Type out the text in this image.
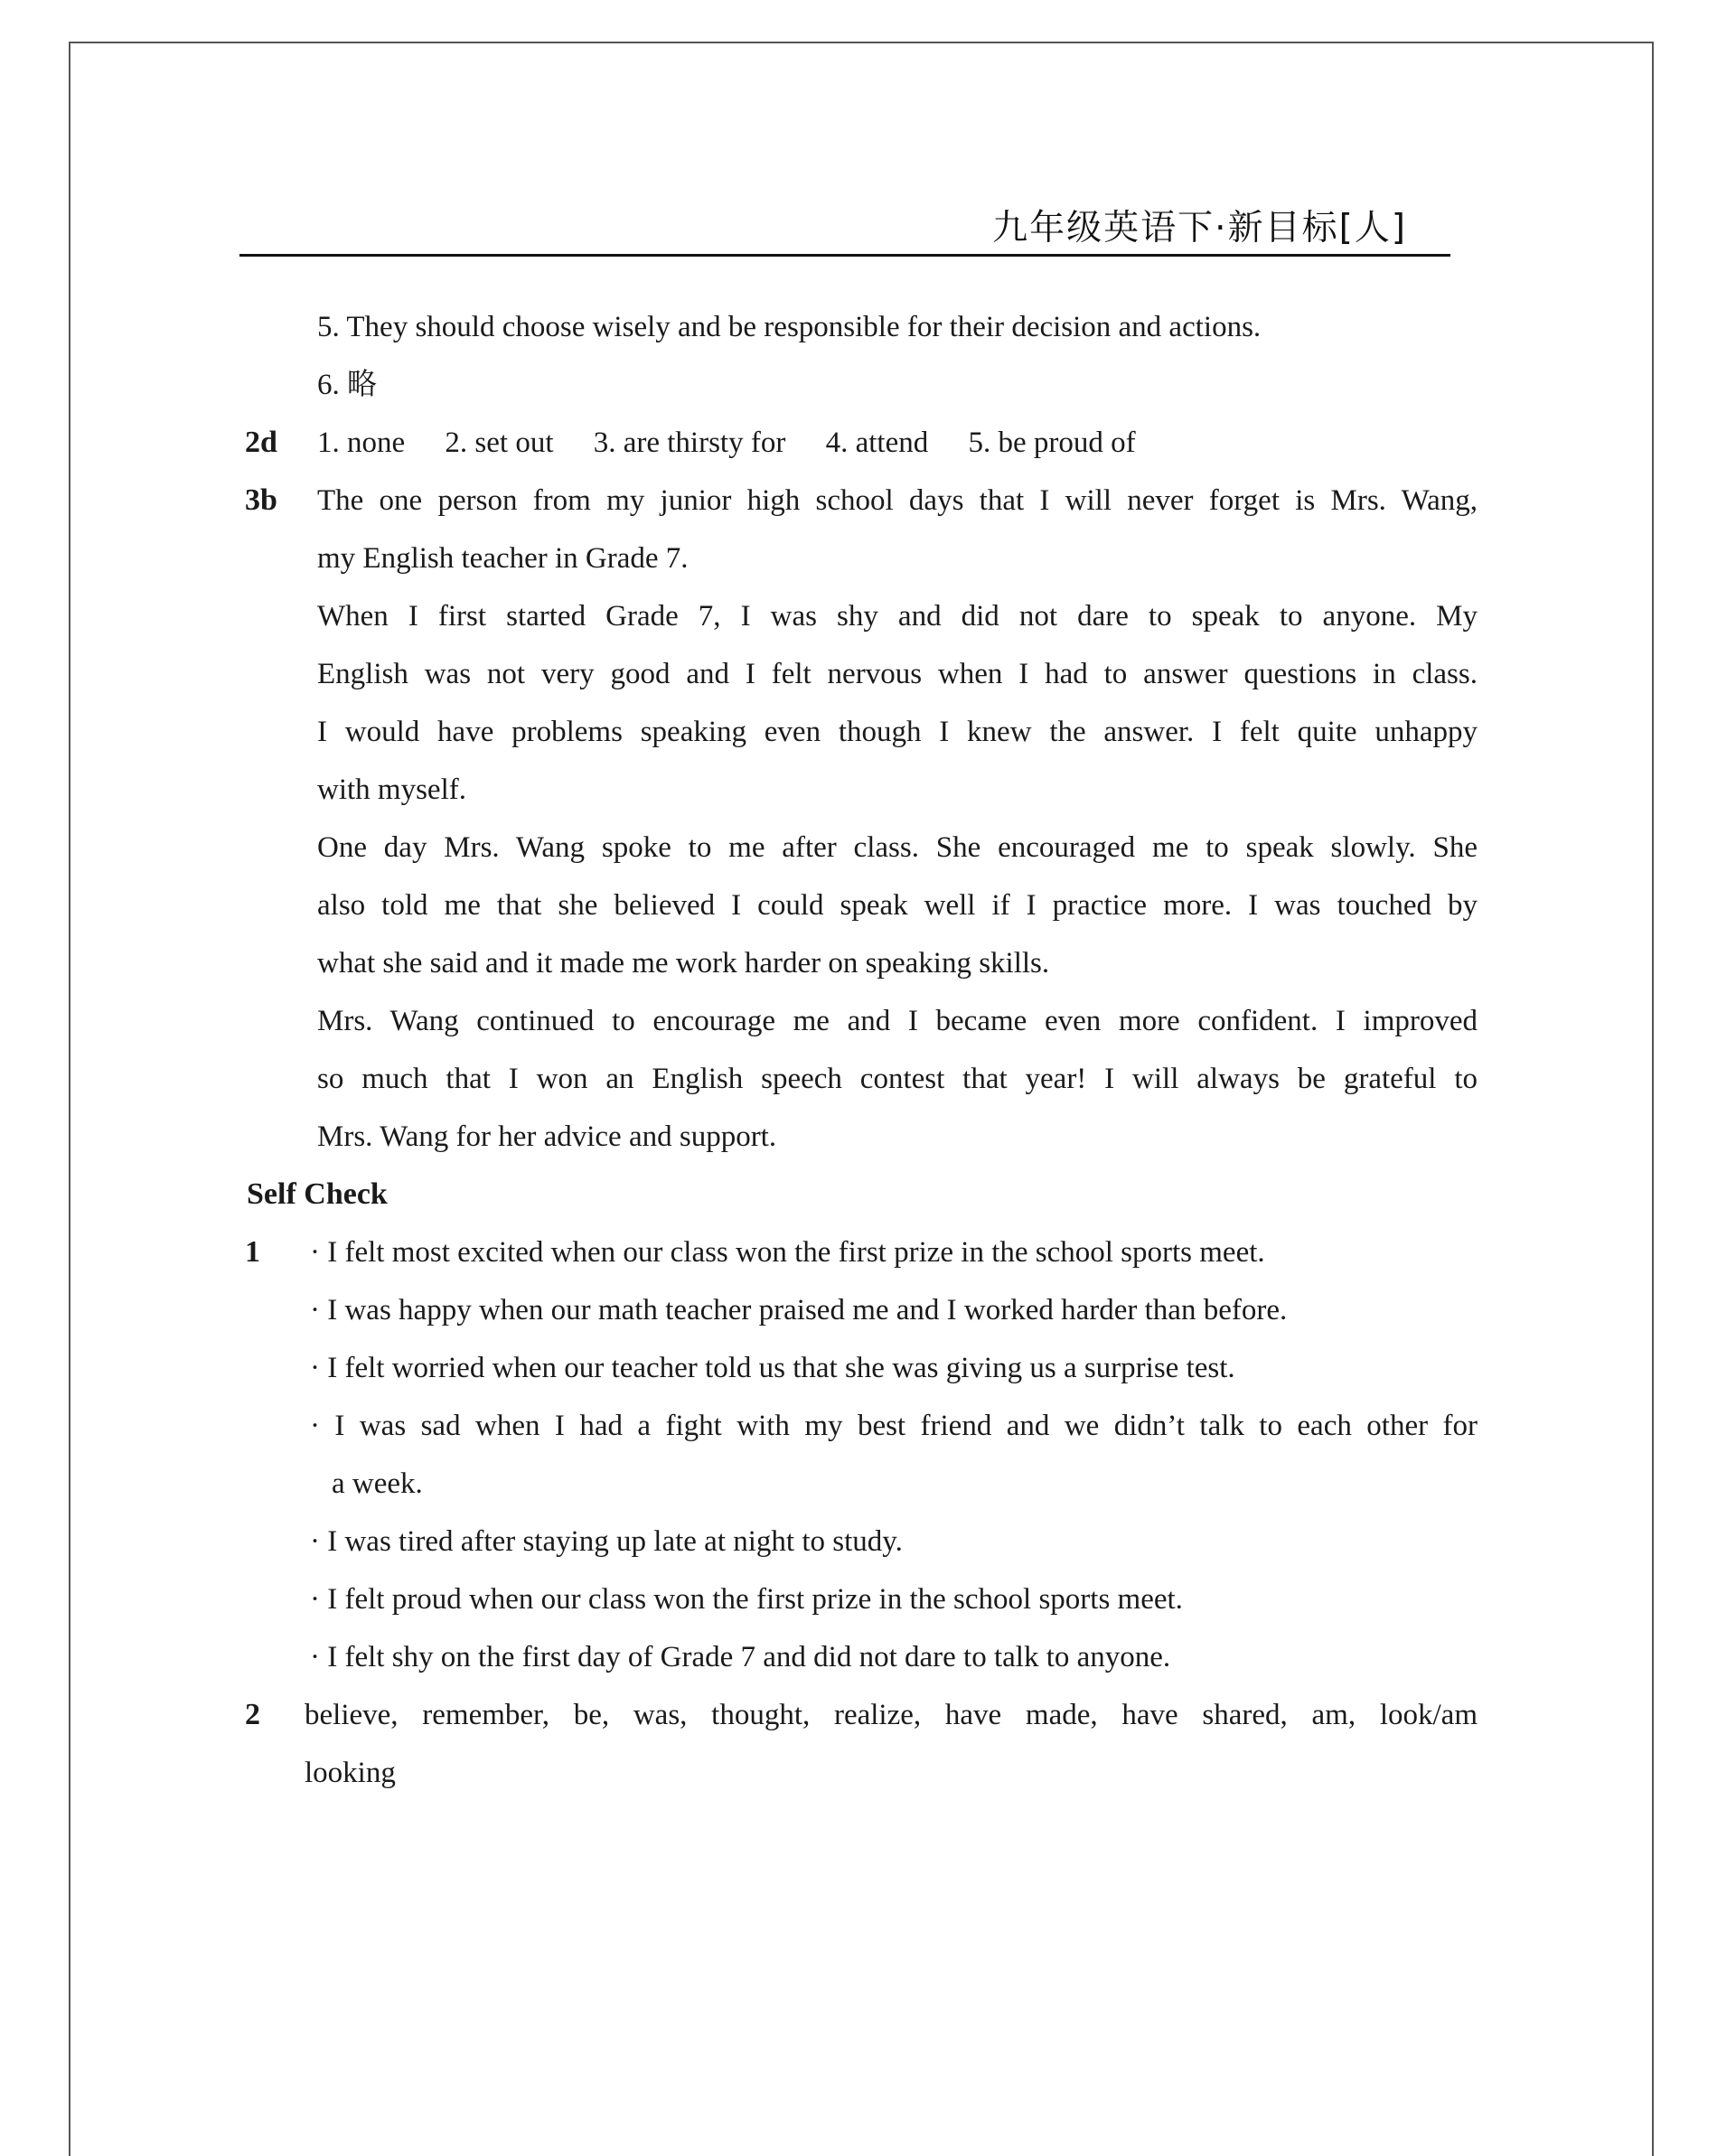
九年级英语下·新目标[人]
5. They should choose wisely and be responsible for their decision and actions.
6. 略
2d 1. none 2. set out 3. are thirsty for 4. attend 5. be proud of
3b The one person from my junior high school days that I will never forget is Mrs. Wang,
my English teacher in Grade 7.
When I first started Grade 7, I was shy and did not dare to speak to anyone. My
English was not very good and I felt nervous when I had to answer questions in class.
I would have problems speaking even though I knew the answer. I felt quite unhappy
with myself.
One day Mrs. Wang spoke to me after class. She encouraged me to speak slowly. She
also told me that she believed I could speak well if I practice more. I was touched by
what she said and it made me work harder on speaking skills.
Mrs. Wang continued to encourage me and I became even more confident. I improved
so much that I won an English speech contest that year! I will always be grateful to
Mrs. Wang for her advice and support.
Self Check
1 · I felt most excited when our class won the first prize in the school sports meet.
· I was happy when our math teacher praised me and I worked harder than before.
· I felt worried when our teacher told us that she was giving us a surprise test.
· I was sad when I had a fight with my best friend and we didn’t talk to each other for
a week.
· I was tired after staying up late at night to study.
· I felt proud when our class won the first prize in the school sports meet.
· I felt shy on the first day of Grade 7 and did not dare to talk to anyone.
2 believe, remember, be, was, thought, realize, have made, have shared, am, look/am
looking
